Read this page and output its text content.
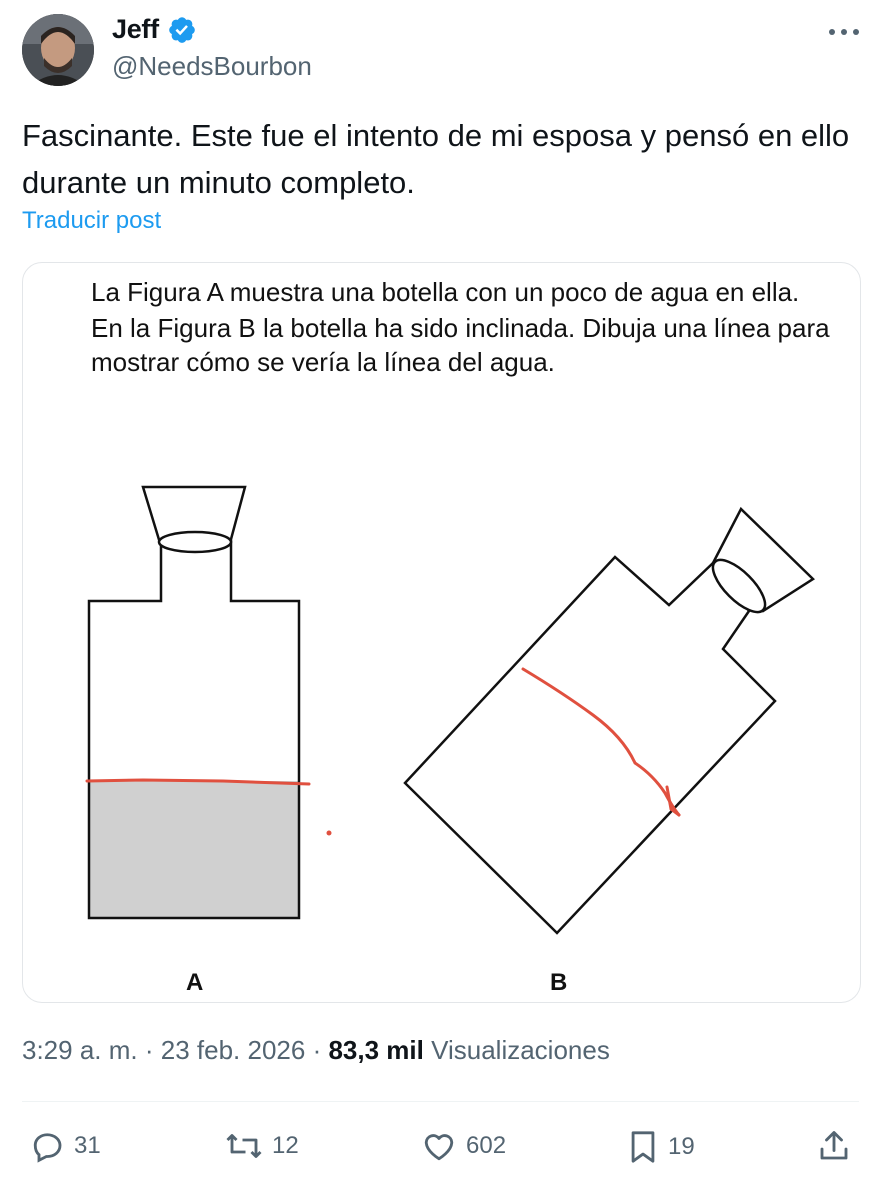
Jeff
@NeedsBourbon
Fascinante. Este fue el intento de mi esposa y pensó en ello durante un minuto completo.
Traducir post

La Figura A muestra una botella con un poco de agua en ella.

En la Figura B la botella ha sido inclinada. Dibuja una línea para mostrar cómo se vería la línea del agua.

A	B
3:29 a. m. · 23 feb. 2026 · 83,3 mil Visualizaciones
31	12	602	19
